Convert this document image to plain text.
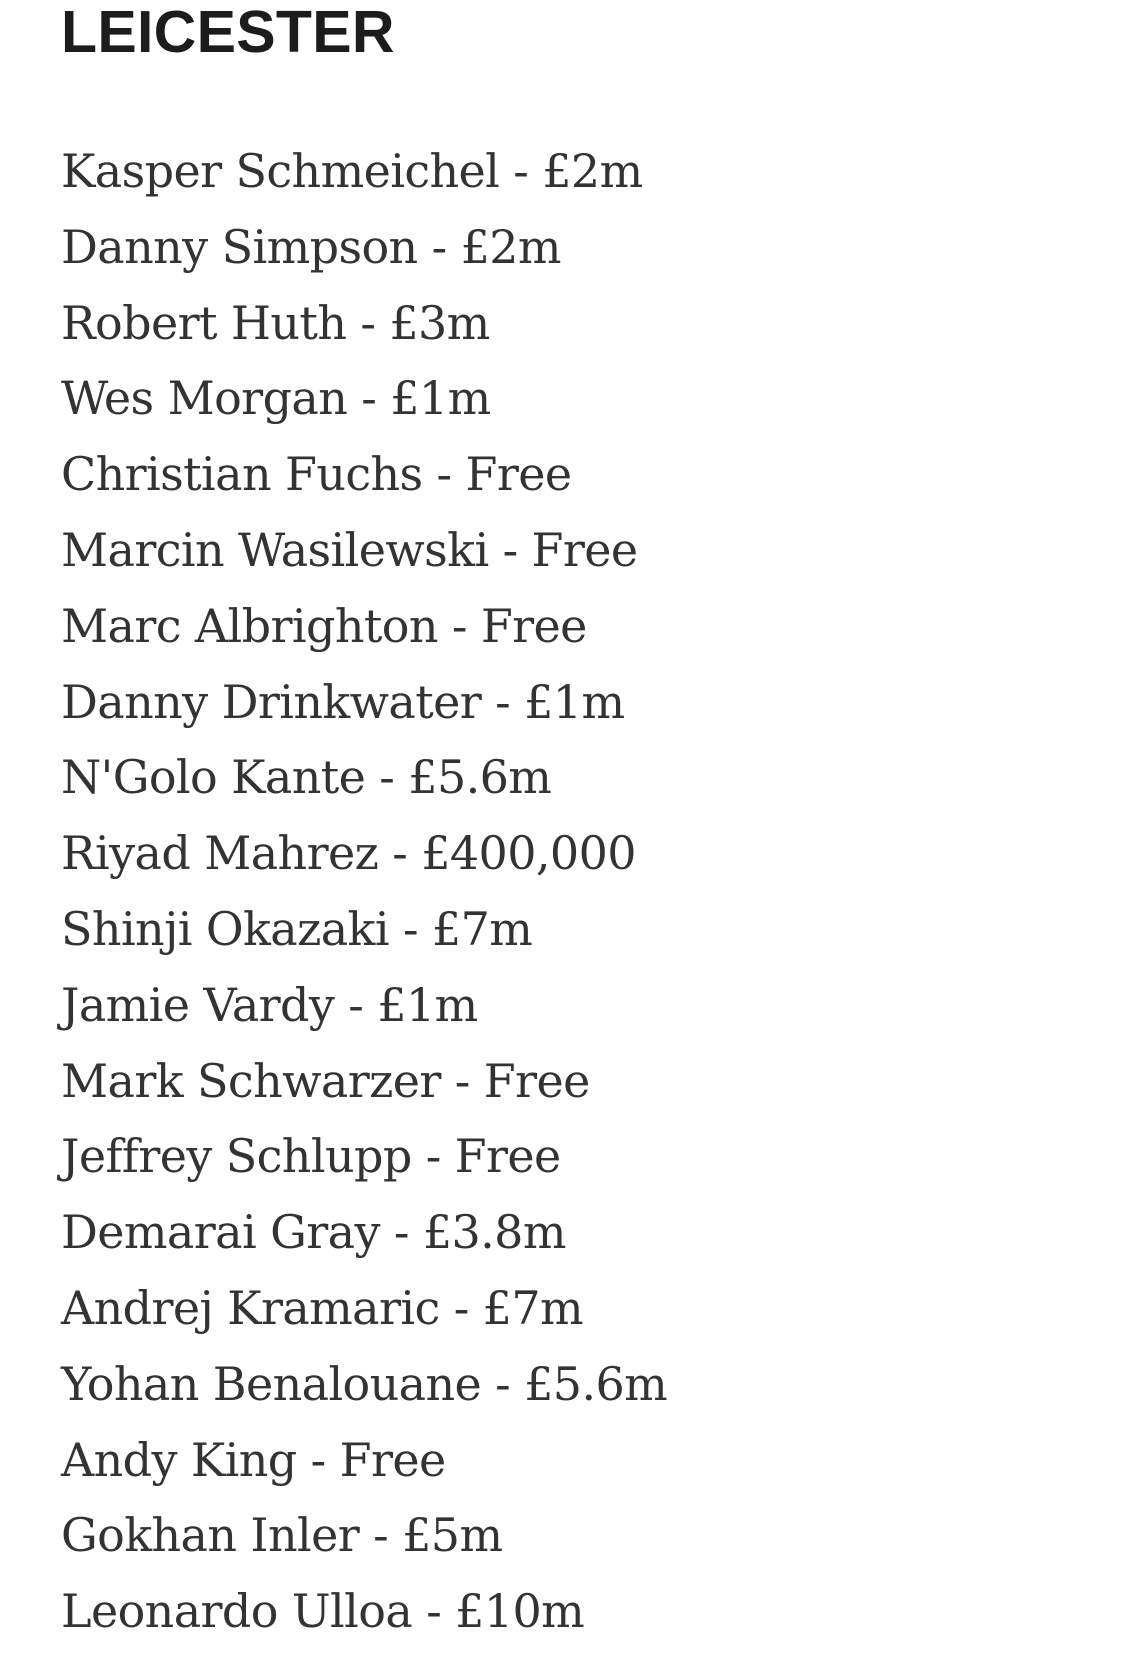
LEICESTER
Kasper Schmeichel - £2m
Danny Simpson - £2m
Robert Huth - £3m
Wes Morgan - £1m
Christian Fuchs - Free
Marcin Wasilewski - Free
Marc Albrighton - Free
Danny Drinkwater - £1m
N'Golo Kante - £5.6m
Riyad Mahrez - £400,000
Shinji Okazaki - £7m
Jamie Vardy - £1m
Mark Schwarzer - Free
Jeffrey Schlupp - Free
Demarai Gray - £3.8m
Andrej Kramaric - £7m
Yohan Benalouane - £5.6m
Andy King - Free
Gokhan Inler - £5m
Leonardo Ulloa - £10m
